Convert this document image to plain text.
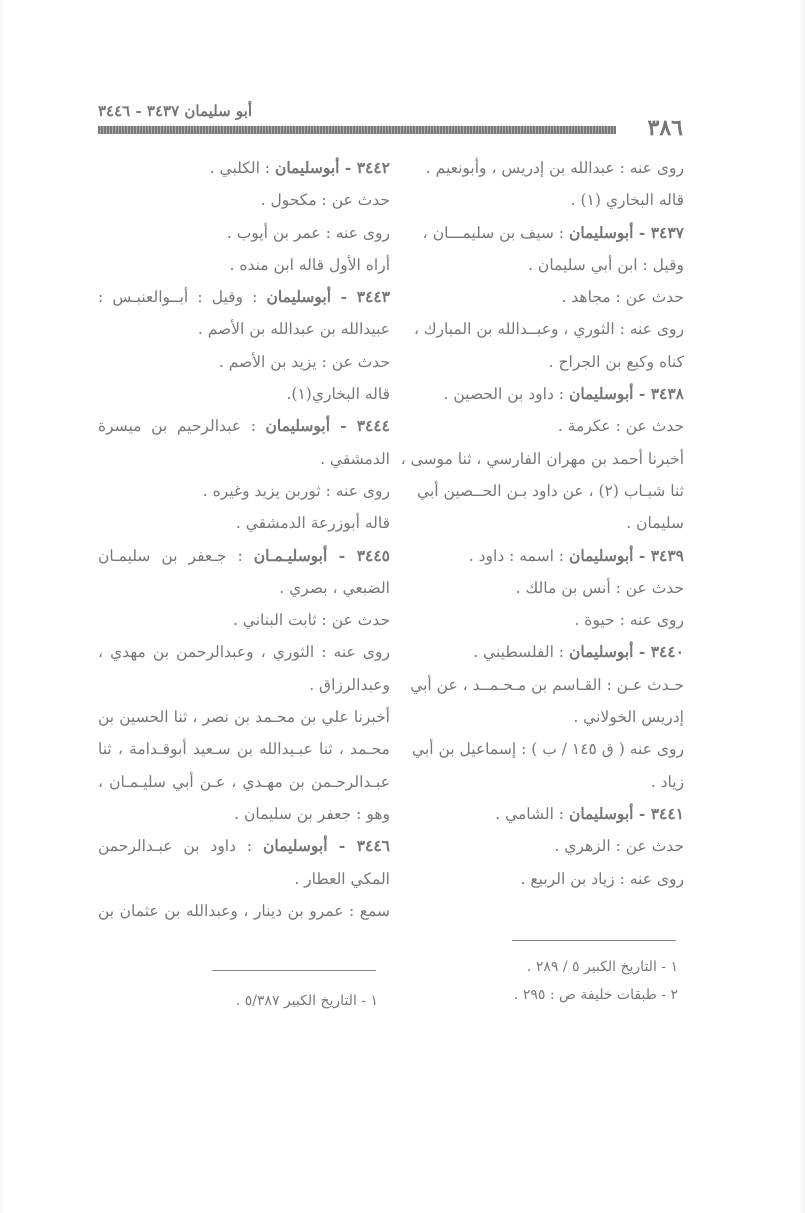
٣٨٦
أبو سليمان ٣٤٣٧ - ٣٤٤٦
روى عنه : عبدالله بن إدريس ، وأبونعيم .
قاله البخاري (١) .
٣٤٣٧ - أبوسليمان : سيف بن سليمـــان ،
وقيل : ابن أبي سليمان .
حدث عن : مجاهد .
روى عنه : الثوري ، وعبــدالله بن المبارك ،
كناه وكيع بن الجراح .
٣٤٣٨ - أبوسليمان : داود بن الحصين .
حدث عن : عكرمة .
أخبرنا أحمد بن مهران الفارسي ، ثنا موسى ،
ثنا شبـاب (٢) ، عن داود بـن الحــصين أبي
سليمان .
٣٤٣٩ - أبوسليمان : اسمه : داود .
حدث عن : أنس بن مالك .
روى عنه : حيوة .
٣٤٤٠ - أبوسليمان : الفلسطيني .
حـدث عـن : القـاسم بن مـحـمــد ، عن أبي
إدريس الخولاني .
روى عنه ( ق ١٤٥ / ب ) : إسماعيل بن أبي
زياد .
٣٤٤١ - أبوسليمان : الشامي .
حدث عن : الزهري .
روى عنه : زياد بن الربيع .
١ - التاريخ الكبير ٥ / ٢٨٩ .
٢ - طبقات خليفة ص : ٢٩٥ .
٣٤٤٢ - أبوسليمان : الكلبي .
حدث عن : مكحول .
روى عنه : عمر بن أيوب .
أراه الأول قاله ابن منده .
٣٤٤٣ - أبوسليمان : وقيل : أبــوالعنبـس :
عبيدالله بن عبدالله بن الأصم .
حدث عن : يزيد بن الأصم .
قاله البخاري(١).
٣٤٤٤ - أبوسليمان : عبدالرحيم بن ميسرة
الدمشقي .
روى عنه : ثوربن يزيد وغيره .
قاله أبوزرعة الدمشقي .
٣٤٤٥ - أبوسليـمـان : جـعفر بن سليمـان
الضبعي ، بصري .
حدث عن : ثابت البناني .
روى عنه : الثوري ، وعبدالرحمن بن مهدي ،
وعبدالرزاق .
أخبرنا علي بن محـمد بن نصر ، ثنا الحسين بن
محـمد ، ثنا عبـيدالله بن سـعيد أبوقـدامة ، ثنا
عبـدالرحـمن بن مهـدي ، عـن أبي سليـمـان ،
وهو : جعفر بن سليمان .
٣٤٤٦ - أبوسليمان : داود بن عبـدالرحمن
المكي العطار .
سمع : عمرو بن دينار ، وعبدالله بن عثمان بن
١ - التاريخ الكبير ٥/٣٨٧ .
